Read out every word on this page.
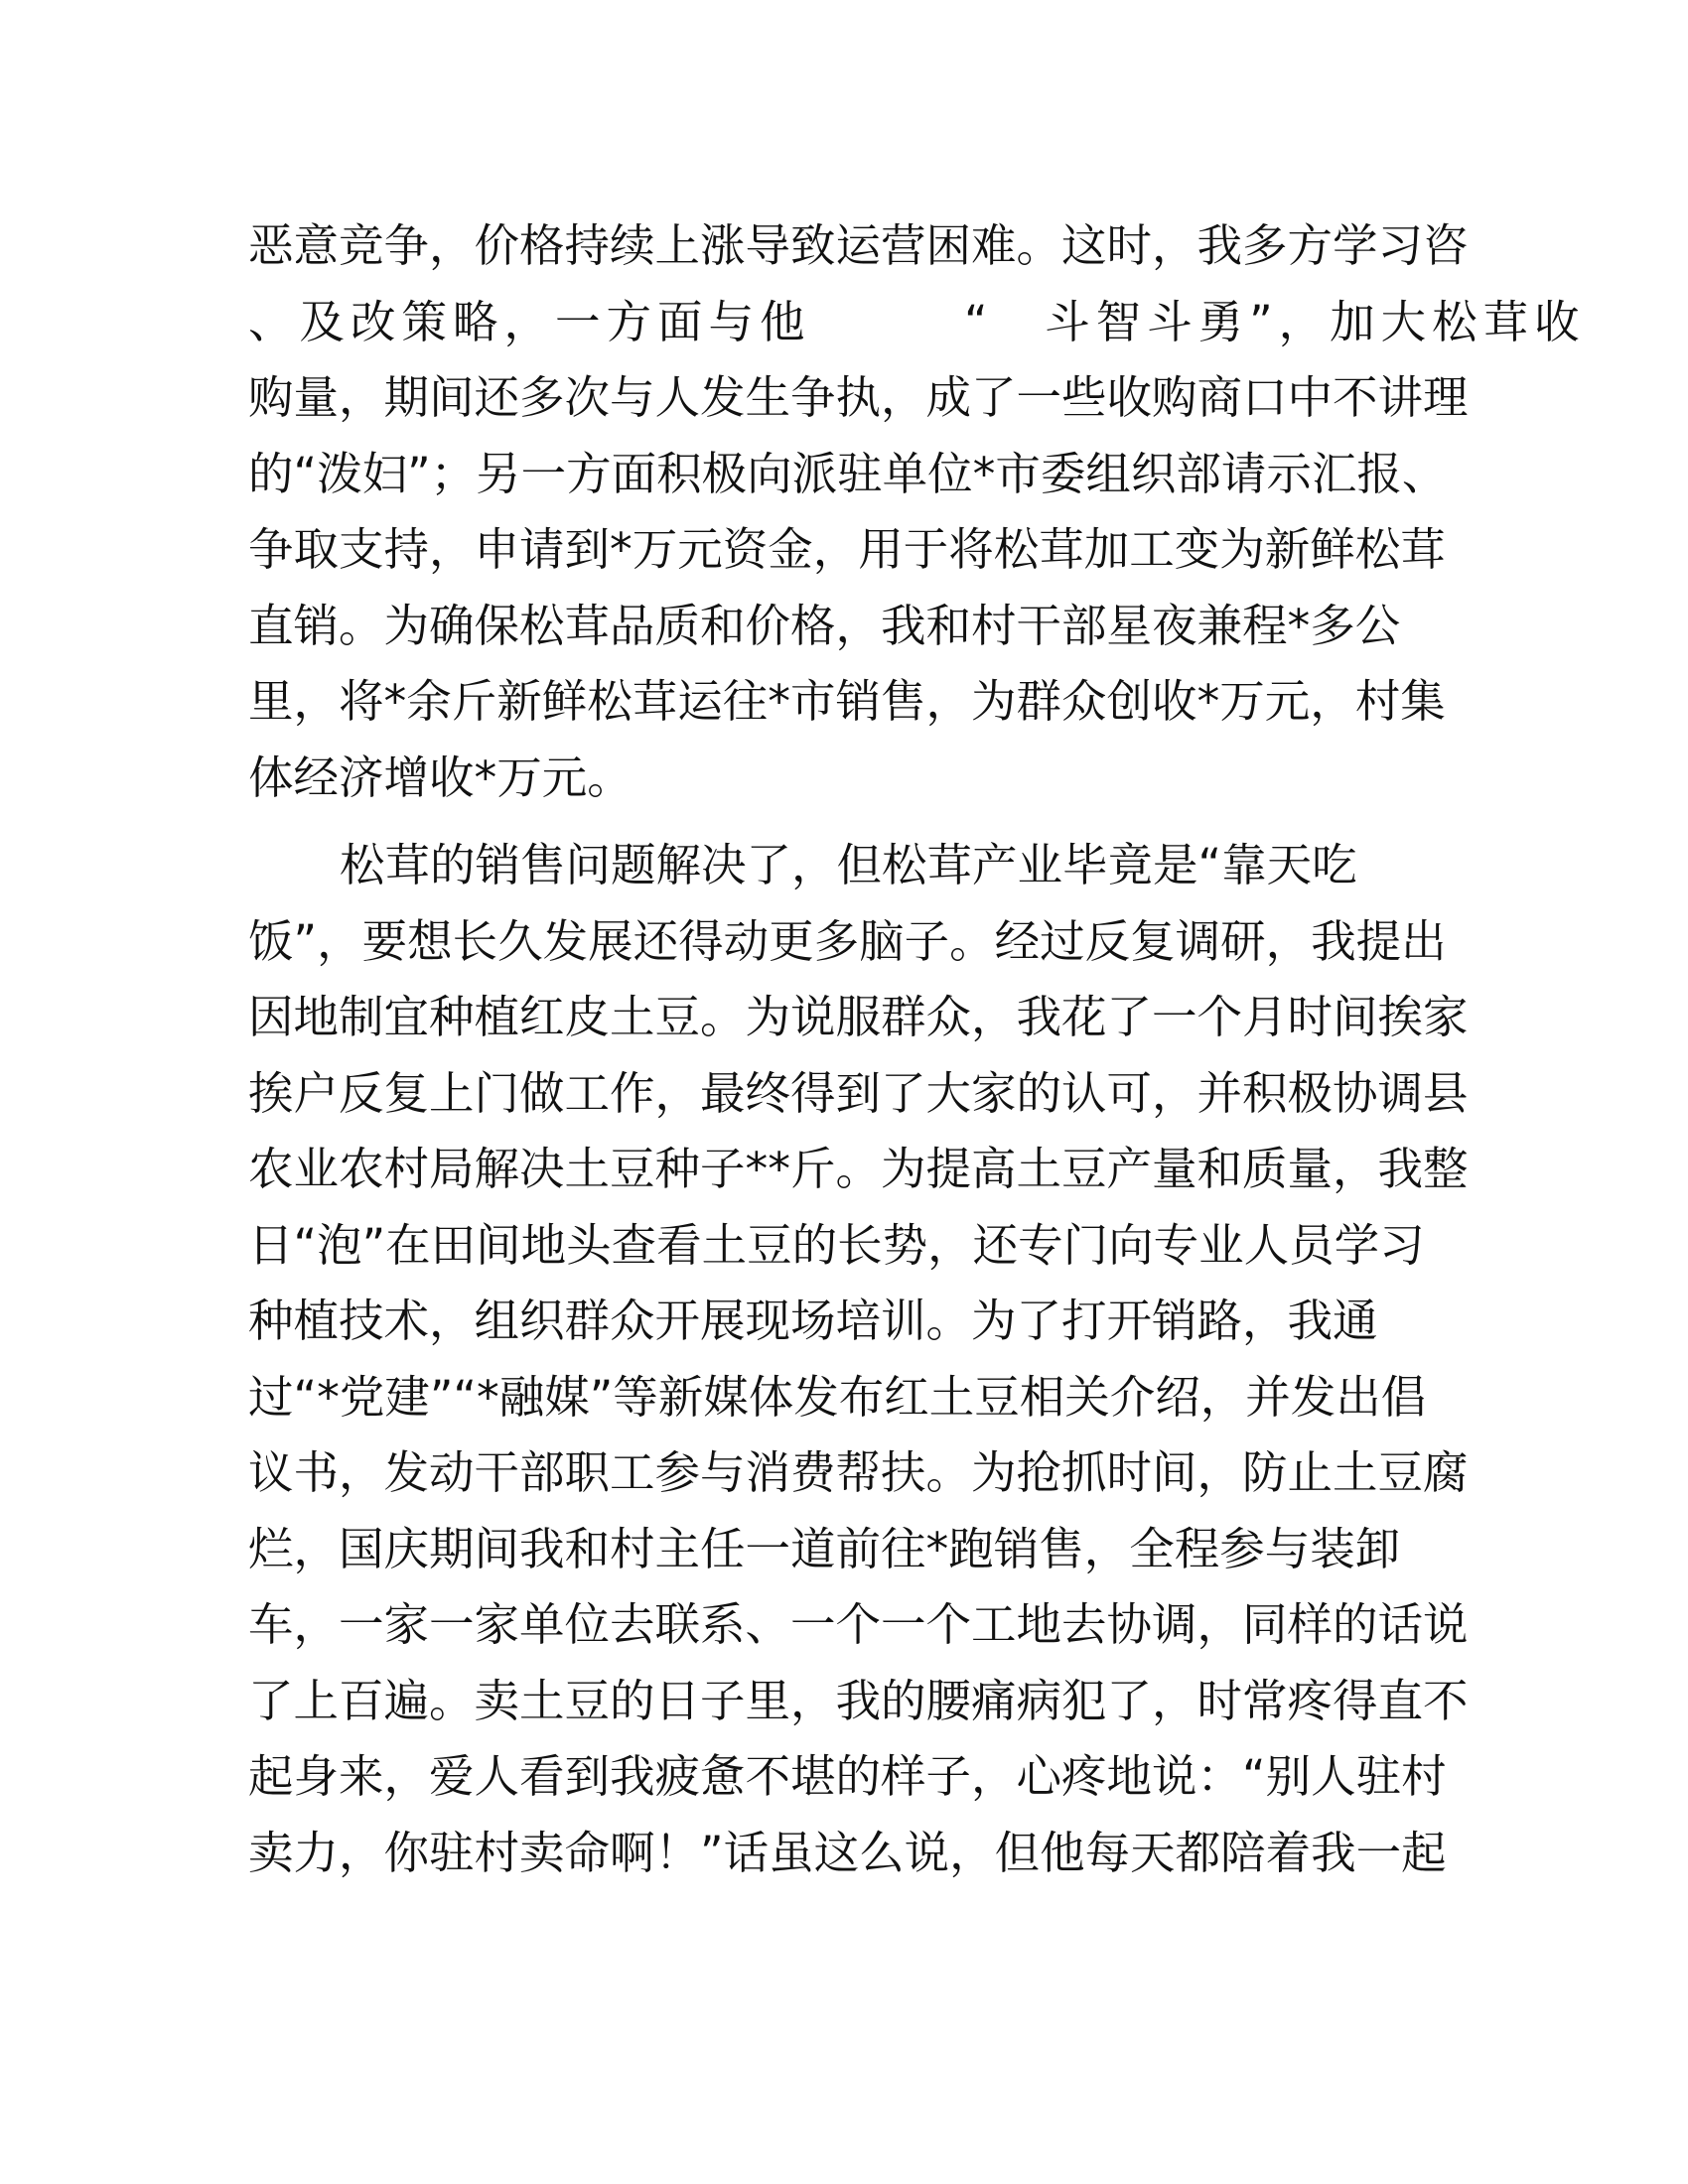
恶意竞争，价格持续上涨导致运营困难。这时，我多方学习咨
、及改策略，一方面与他　　　“　斗智斗勇”，加大松茸收
购量，期间还多次与人发生争执，成了一些收购商口中不讲理
的“泼妇”；另一方面积极向派驻单位*市委组织部请示汇报、
争取支持，申请到*万元资金，用于将松茸加工变为新鲜松茸
直销。为确保松茸品质和价格，我和村干部星夜兼程*多公
里，将*余斤新鲜松茸运往*市销售，为群众创收*万元，村集
体经济增收*万元。
松茸的销售问题解决了，但松茸产业毕竟是“靠天吃
饭”，要想长久发展还得动更多脑子。经过反复调研，我提出
因地制宜种植红皮土豆。为说服群众，我花了一个月时间挨家
挨户反复上门做工作，最终得到了大家的认可，并积极协调县
农业农村局解决土豆种子**斤。为提高土豆产量和质量，我整
日“泡”在田间地头查看土豆的长势，还专门向专业人员学习
种植技术，组织群众开展现场培训。为了打开销路，我通
过“*党建”“*融媒”等新媒体发布红土豆相关介绍，并发出倡
议书，发动干部职工参与消费帮扶。为抢抓时间，防止土豆腐
烂，国庆期间我和村主任一道前往*跑销售，全程参与装卸
车，一家一家单位去联系、一个一个工地去协调，同样的话说
了上百遍。卖土豆的日子里，我的腰痛病犯了，时常疼得直不
起身来，爱人看到我疲惫不堪的样子，心疼地说：“别人驻村
卖力，你驻村卖命啊！”话虽这么说，但他每天都陪着我一起
